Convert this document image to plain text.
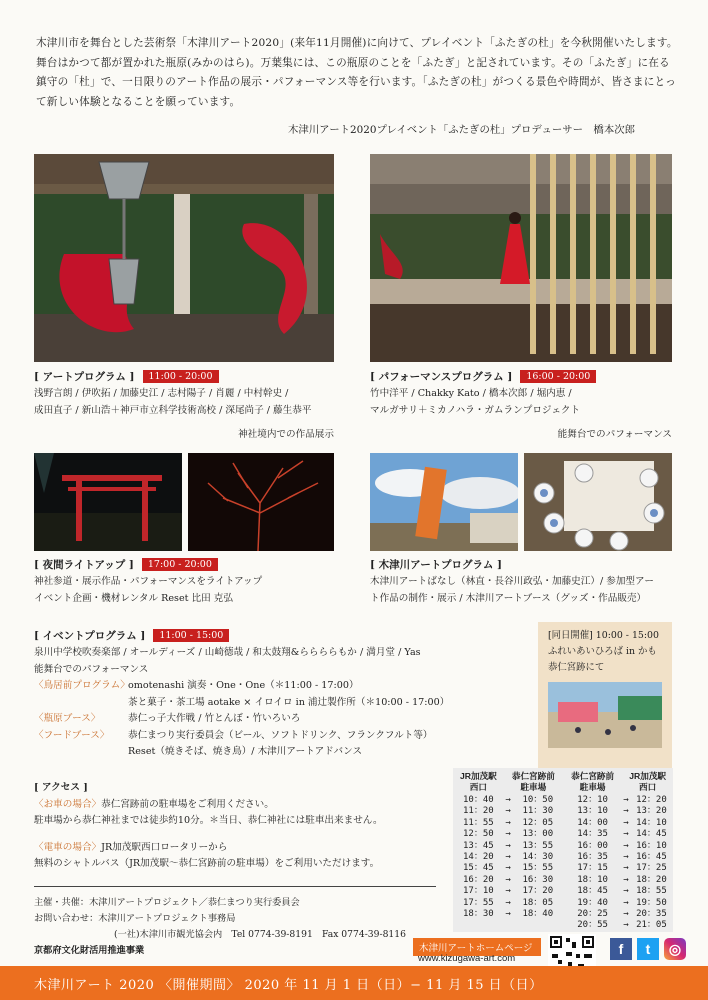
木津川市を舞台とした芸術祭「木津川アート2020」(来年11月開催)に向けて、プレイベント「ふたぎの杜」を今秋開催いたします。舞台はかつて都が置かれた瓶原(みかのはら)。万葉集には、この瓶原のことを「ふたぎ」と記されています。その「ふたぎ」に在る鎮守の「杜」で、一日限りのアート作品の展示・パフォーマンス等を行います。「ふたぎの杜」がつくる景色や時間が、皆さまにとって新しい体験となることを願っています。
木津川アート2020プレイベント「ふたぎの杜」プロデューサー　橋本次郎
[ アートプログラム ]	11:00 - 20:00
浅野言朗 / 伊吹拓 / 加藤史江 / 志村陽子 / 肖麗 / 中村幹史 /
成田直子 / 新山浩＋神戸市立科学技術高校 / 深尾尚子 / 藤生恭平
神社境内での作品展示
[ パフォーマンスプログラム ]	16:00 - 20:00
竹中洋平 / Chakky Kato / 橋本次郎 / 堀内恵 /
マルガサリ＋ミカノハラ・ガムランプロジェクト
能舞台でのパフォーマンス
[ 夜間ライトアップ ]	17:00 - 20:00
神社参道・展示作品・パフォーマンスをライトアップ
イベント企画・機材レンタル Reset 比田 克弘
[ 木津川アートプログラム ]
木津川アートばなし（林直・長谷川政弘・加藤史江）/ 参加型アー
ト作品の制作・展示 / 木津川アートブース（グッズ・作品販売）
[ イベントプログラム ]	11:00 - 15:00
泉川中学校吹奏楽部 / オールディーズ / 山崎德哉 / 和太鼓翔&ららららもか / 満月堂 / Yas
能舞台でのパフォーマンス
〈鳥居前プログラム〉
omotenashi 演奏・One・One（＊11:00 - 17:00）
茶と菓子・茶工場 aotake × イロイロ in 浦辻製作所（＊10:00 - 17:00）
〈瓶原ブース〉	恭仁っ子大作戦 / 竹とんぼ・竹いろいろ
〈フードブース〉	恭仁まつり実行委員会（ビール、ソフトドリンク、フランクフルト等）
Reset（焼きそば、焼き鳥）/ 木津川アートアドバンス
[同日開催] 10:00 - 15:00
ふれいあいひろば in かも
恭仁宮跡にて
[ アクセス ]
〈お車の場合〉恭仁宮跡前の駐車場をご利用ください。
駐車場から恭仁神社までは徒歩約10分。＊当日、恭仁神社には駐車出来ません。
〈電車の場合〉JR加茂駅西口ロータリーから
無料のシャトルバス（JR加茂駅〜恭仁宮跡前の駐車場）をご利用いただけます。
JR加茂駅
西口	恭仁宮跡前
駐車場		恭仁宮跡前
駐車場	JR加茂駅
西口	
10：40	→	10：50	12：10	→	12：20
11：20	→	11：30	13：10	→	13：20
11：55	→	12：05	14：00	→	14：10
12：50	→	13：00	14：35	→	14：45
13：45	→	13：55	16：00	→	16：10
14：20	→	14：30	16：35	→	16：45
15：45	→	15：55	17：15	→	17：25
16：20	→	16：30	18：10	→	18：20
17：10	→	17：20	18：45	→	18：55
17：55	→	18：05	19：40	→	19：50
18：30	→	18：40	20：25	→	20：35
			20：55	→	21：05
主催・共催：木津川アートプロジェクト／恭仁まつり実行委員会
お問い合わせ：木津川アートプロジェクト事務局
(一社)木津川市観光協会内　Tel 0774-39-8191　Fax 0774-39-8116
京都府文化財活用推進事業	木津川アートホームページ
www.kizugawa-art.com
f	t	◎
木津川アート 2020 〈開催期間〉 2020 年 11 月 1 日（日）− 11 月 15 日（日）
